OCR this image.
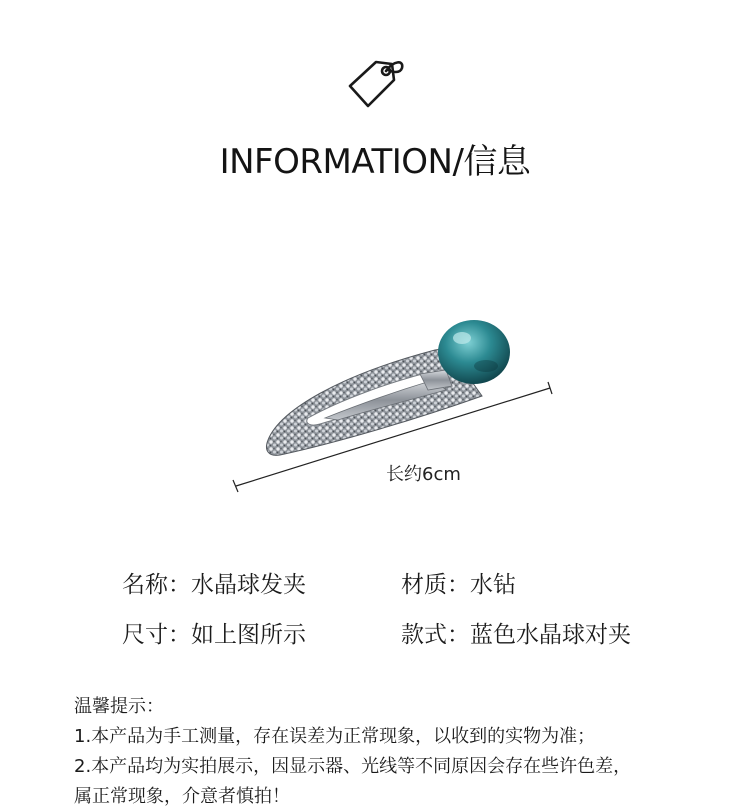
INFORMATION/信息
长约6cm
名称：水晶球发夹	材质：水钻
尺寸：如上图所示	款式：蓝色水晶球对夹
温馨提示：
1.本产品为手工测量，存在误差为正常现象，以收到的实物为准；
2.本产品均为实拍展示，因显示器、光线等不同原因会存在些许色差，
属正常现象，介意者慎拍！
